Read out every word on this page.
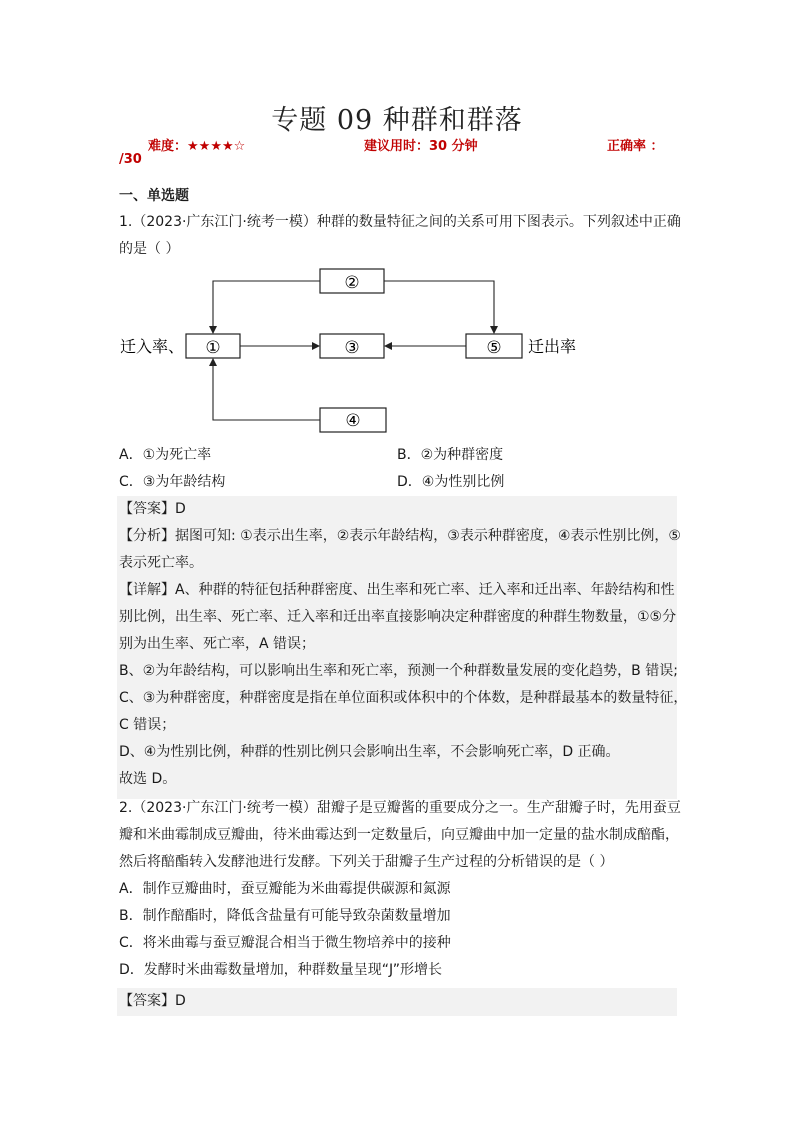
专题 09 种群和群落
难度：★★★★☆	建议用时：30 分钟	正确率 ：
/30
一、单选题
1.（2023·广东江门·统考一模）种群的数量特征之间的关系可用下图表示。下列叙述中正确
的是（ ）
②
①	③	⑤
④
迁入率、	迁出率
A．①为死亡率	B．②为种群密度
C．③为年龄结构	D．④为性别比例
【答案】D
【分析】据图可知: ①表示出生率，②表示年龄结构，③表示种群密度，④表示性别比例，⑤
表示死亡率。
【详解】A、种群的特征包括种群密度、出生率和死亡率、迁入率和迁出率、年龄结构和性
别比例，出生率、死亡率、迁入率和迁出率直接影响决定种群密度的种群生物数量，①⑤分
别为出生率、死亡率，A 错误；
B、②为年龄结构，可以影响出生率和死亡率，预测一个种群数量发展的变化趋势，B 错误;
C、③为种群密度，种群密度是指在单位面积或体积中的个体数，是种群最基本的数量特征，
C 错误；
D、④为性别比例，种群的性别比例只会影响出生率，不会影响死亡率，D 正确。
故选 D。
2.（2023·广东江门·统考一模）甜瓣子是豆瓣酱的重要成分之一。生产甜瓣子时，先用蚕豆
瓣和米曲霉制成豆瓣曲，待米曲霉达到一定数量后，向豆瓣曲中加一定量的盐水制成醅酯，
然后将醅酯转入发酵池进行发酵。下列关于甜瓣子生产过程的分析错误的是（ ）
A．制作豆瓣曲时，蚕豆瓣能为米曲霉提供碳源和氮源
B．制作醅酯时，降低含盐量有可能导致杂菌数量增加
C．将米曲霉与蚕豆瓣混合相当于微生物培养中的接种
D．发酵时米曲霉数量增加，种群数量呈现“J”形增长
【答案】D
